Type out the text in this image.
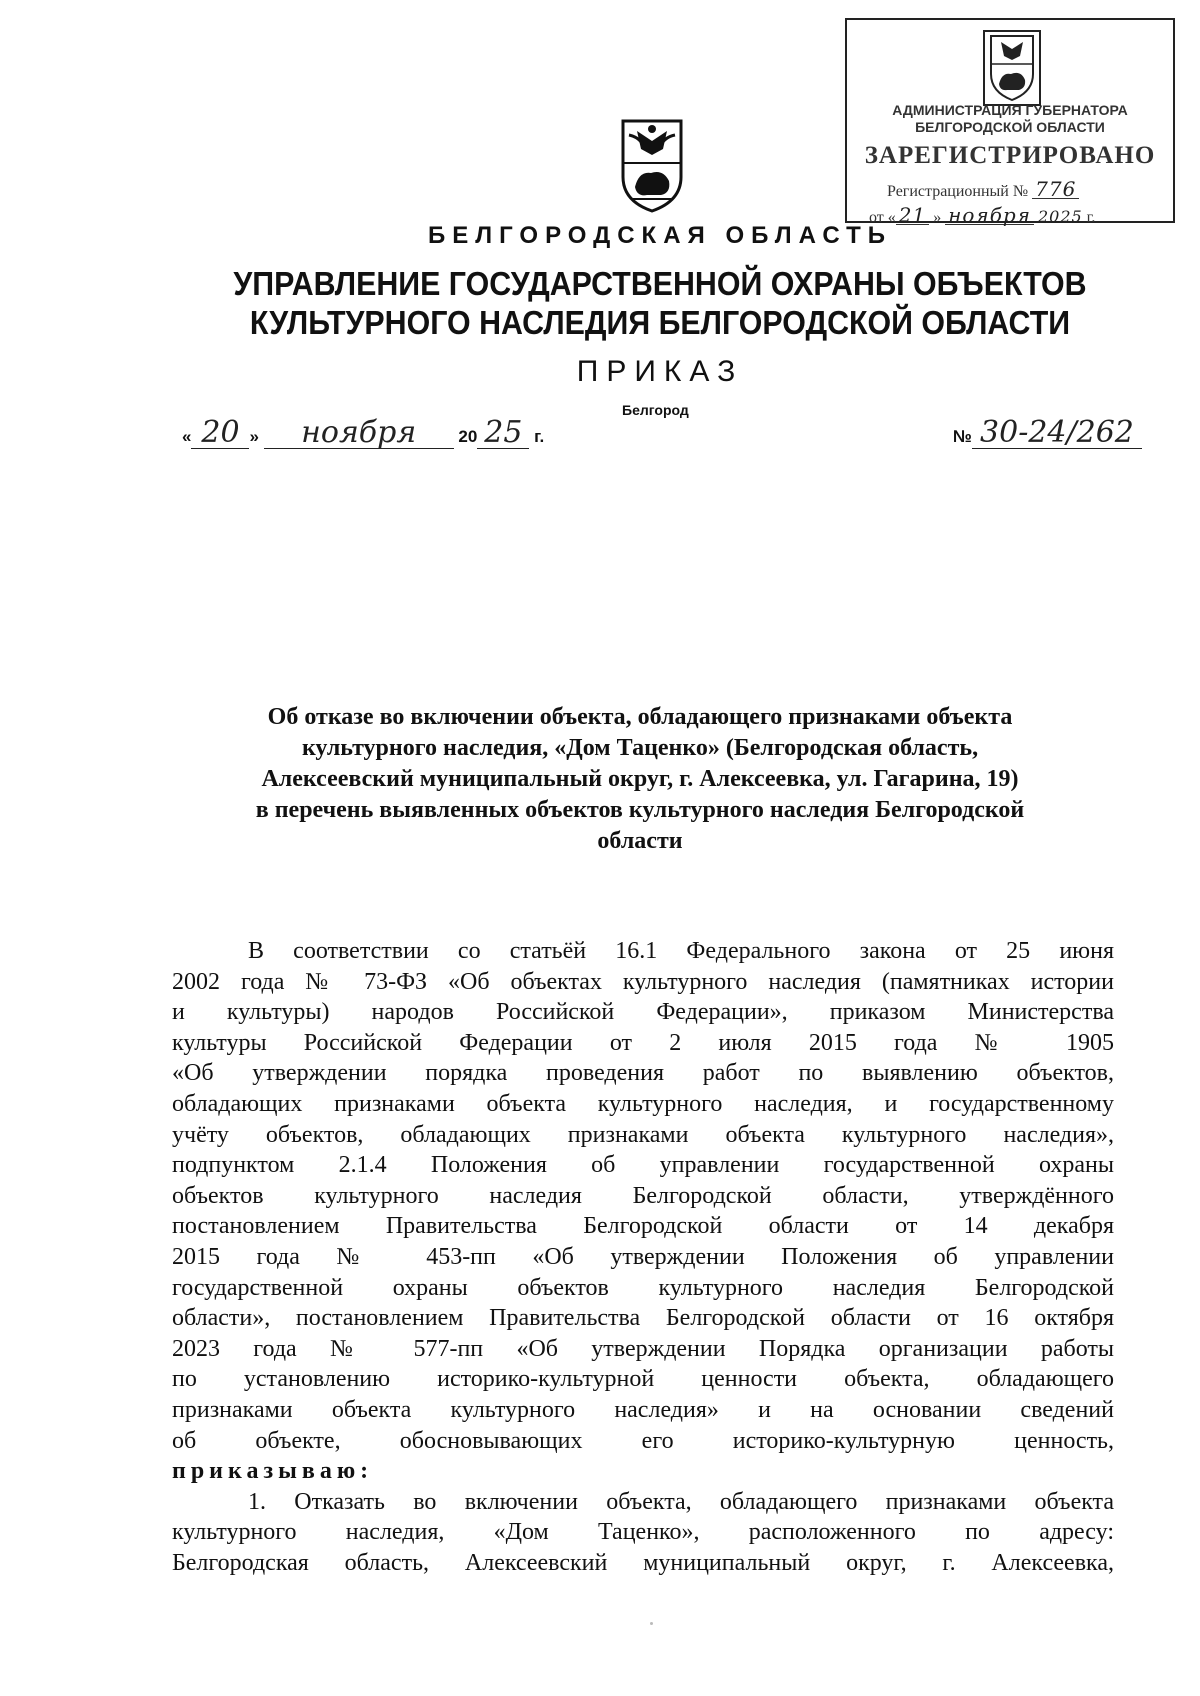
АДМИНИСТРАЦИЯ ГУБЕРНАТОРА
БЕЛГОРОДСКОЙ ОБЛАСТИ
ЗАРЕГИСТРИРОВАНО
Регистрационный № 776
от « 21 » ноября 2025 г.
БЕЛГОРОДСКАЯ ОБЛАСТЬ
УПРАВЛЕНИЕ ГОСУДАРСТВЕННОЙ ОХРАНЫ ОБЪЕКТОВ
КУЛЬТУРНОГО НАСЛЕДИЯ БЕЛГОРОДСКОЙ ОБЛАСТИ
ПРИКАЗ
Белгород
« 20 » ноября 20 25 г.	№ 30-24/262
Об отказе во включении объекта, обладающего признаками объекта
культурного наследия, «Дом Таценко» (Белгородская область,
Алексеевский муниципальный округ, г. Алексеевка, ул. Гагарина, 19)
в перечень выявленных объектов культурного наследия Белгородской
области
В соответствии со статьёй 16.1 Федерального закона от 25 июня
2002 года № 73-ФЗ «Об объектах культурного наследия (памятниках истории
и культуры) народов Российской Федерации», приказом Министерства
культуры Российской Федерации от 2 июля 2015 года № 1905
«Об утверждении порядка проведения работ по выявлению объектов,
обладающих признаками объекта культурного наследия, и государственному
учёту объектов, обладающих признаками объекта культурного наследия»,
подпунктом 2.1.4 Положения об управлении государственной охраны
объектов культурного наследия Белгородской области, утверждённого
постановлением Правительства Белгородской области от 14 декабря
2015 года № 453-пп «Об утверждении Положения об управлении
государственной охраны объектов культурного наследия Белгородской
области», постановлением Правительства Белгородской области от 16 октября
2023 года № 577-пп «Об утверждении Порядка организации работы
по установлению историко-культурной ценности объекта, обладающего
признаками объекта культурного наследия» и на основании сведений
об объекте, обосновывающих его историко-культурную ценность,
приказываю:
1. Отказать во включении объекта, обладающего признаками объекта
культурного наследия, «Дом Таценко», расположенного по адресу:
Белгородская область, Алексеевский муниципальный округ, г. Алексеевка,
